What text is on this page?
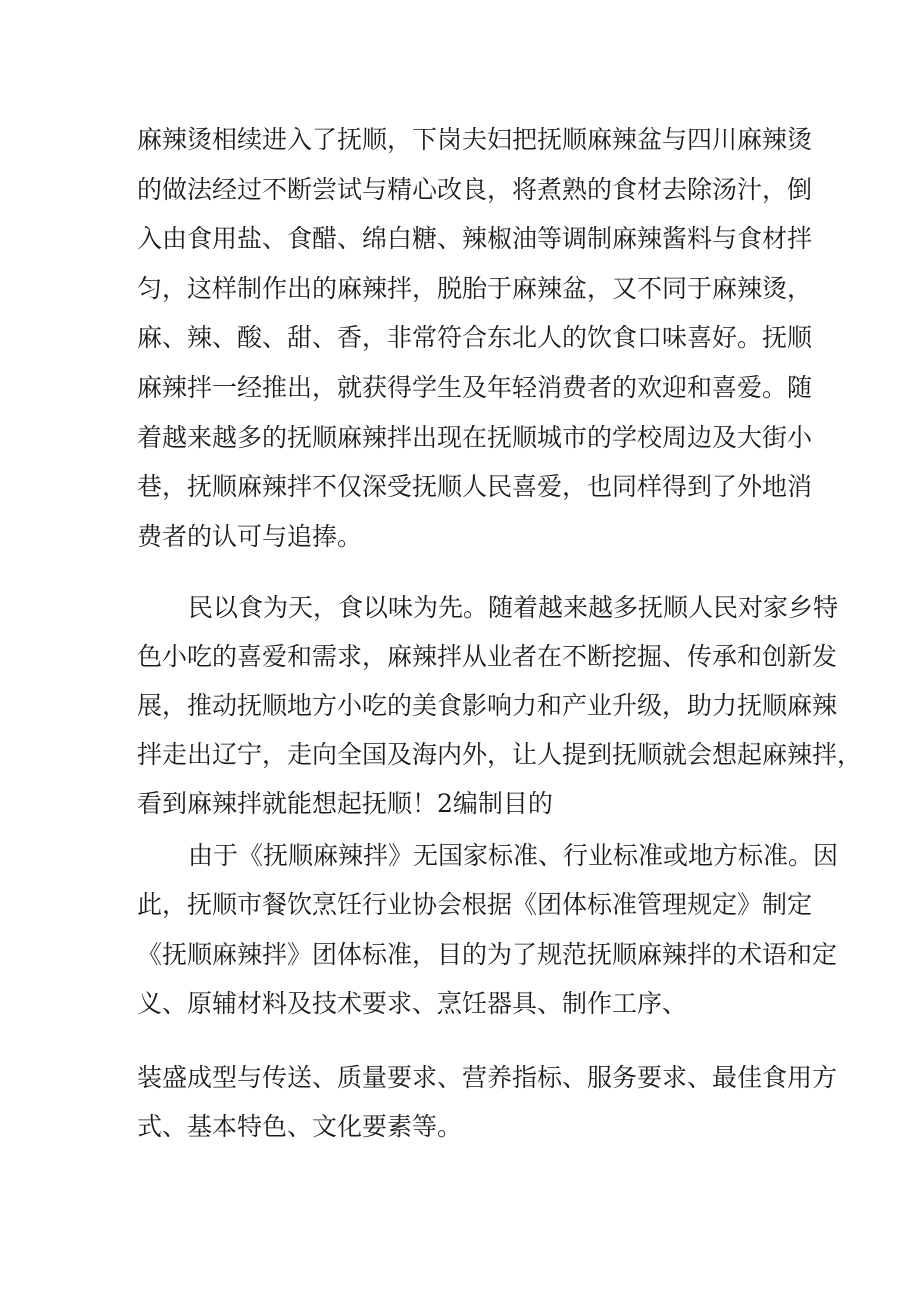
麻辣烫相续进入了抚顺，下岗夫妇把抚顺麻辣盆与四川麻辣烫

的做法经过不断尝试与精心改良，将煮熟的食材去除汤汁，倒

入由食用盐、食醋、绵白糖、辣椒油等调制麻辣酱料与食材拌

匀，这样制作出的麻辣拌，脱胎于麻辣盆，又不同于麻辣烫，

麻、辣、酸、甜、香，非常符合东北人的饮食口味喜好。抚顺

麻辣拌一经推出，就获得学生及年轻消费者的欢迎和喜爱。随

着越来越多的抚顺麻辣拌出现在抚顺城市的学校周边及大街小

巷，抚顺麻辣拌不仅深受抚顺人民喜爱，也同样得到了外地消

费者的认可与追捧。

民以食为天，食以味为先。随着越来越多抚顺人民对家乡特

色小吃的喜爱和需求，麻辣拌从业者在不断挖掘、传承和创新发

展，推动抚顺地方小吃的美食影响力和产业升级，助力抚顺麻辣

拌走出辽宁，走向全国及海内外，让人提到抚顺就会想起麻辣拌，

看到麻辣拌就能想起抚顺！2编制目的

由于《抚顺麻辣拌》无国家标准、行业标准或地方标准。因

此，抚顺市餐饮烹饪行业协会根据《团体标准管理规定》制定

《抚顺麻辣拌》团体标准，目的为了规范抚顺麻辣拌的术语和定

义、原辅材料及技术要求、烹饪器具、制作工序、

装盛成型与传送、质量要求、营养指标、服务要求、最佳食用方

式、基本特色、文化要素等。
